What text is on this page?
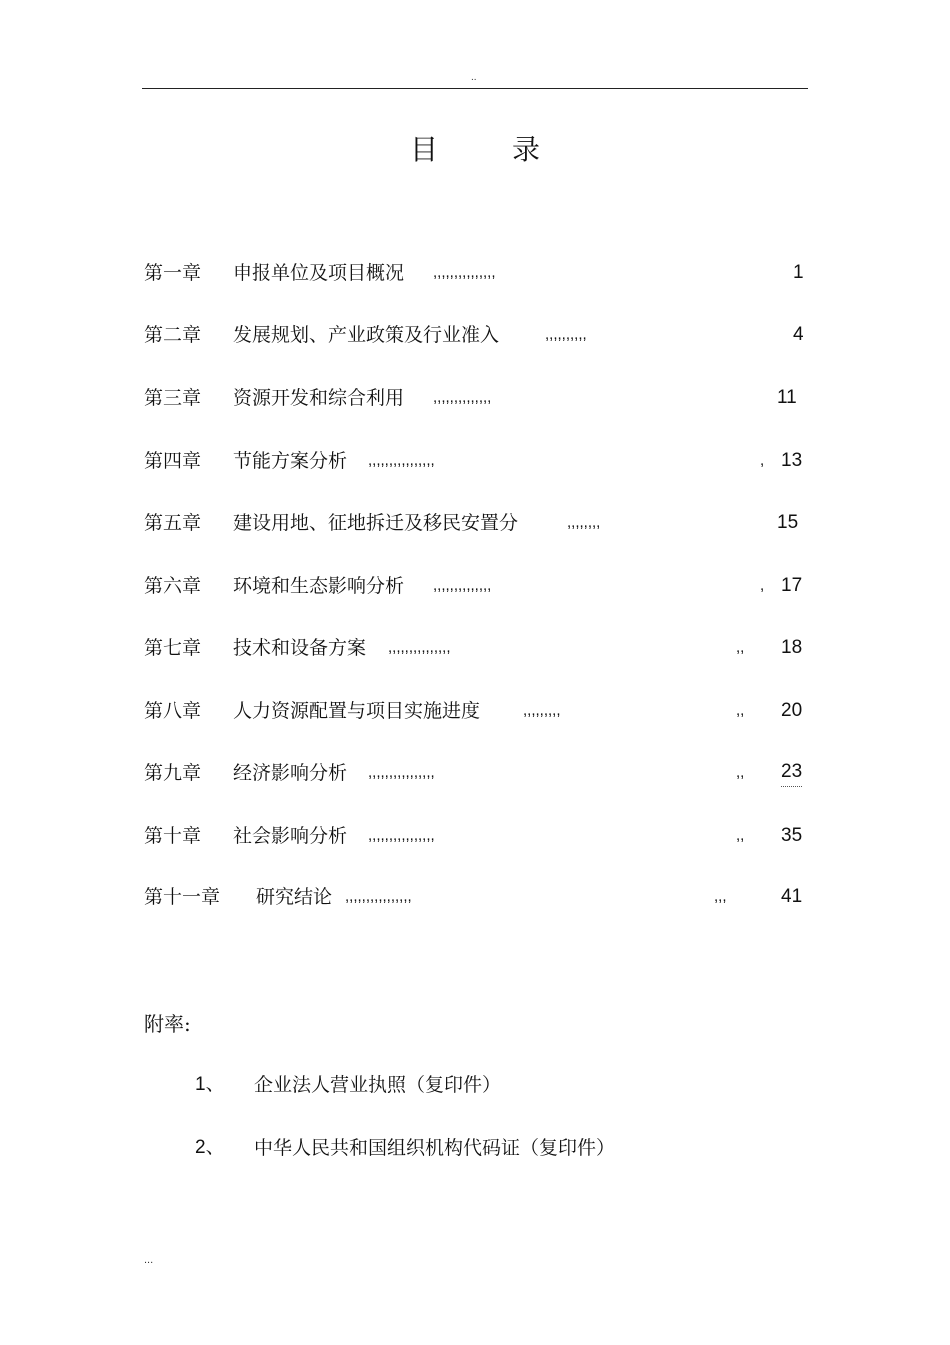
..
目	录
第一章 申报单位及项目概况 ,,,,,,,,,,,,,,,	1
第二章 发展规划、产业政策及行业准入	,,,,,,,,,,	4
第三章 资源开发和综合利用 ,,,,,,,,,,,,,,	11
第四章 节能方案分析 ,,,,,,,,,,,,,,,,	, 13
第五章 建设用地、征地拆迁及移民安置分	,,,,,,,,	15
第六章 环境和生态影响分析 ,,,,,,,,,,,,,,	, 17
第七章 技术和设备方案 ,,,,,,,,,,,,,,,	,, 18
第八章 人力资源配置与项目实施进度	,,,,,,,,,	,, 20
第九章 经济影响分析 ,,,,,,,,,,,,,,,,	,, 23
第十章 社会影响分析 ,,,,,,,,,,,,,,,,	,, 35
第十一章 研究结论 ,,,,,,,,,,,,,,,,	,,,	41
附率:
1、 企业法人营业执照（复印件）
2、 中华人民共和国组织机构代码证（复印件）
...
